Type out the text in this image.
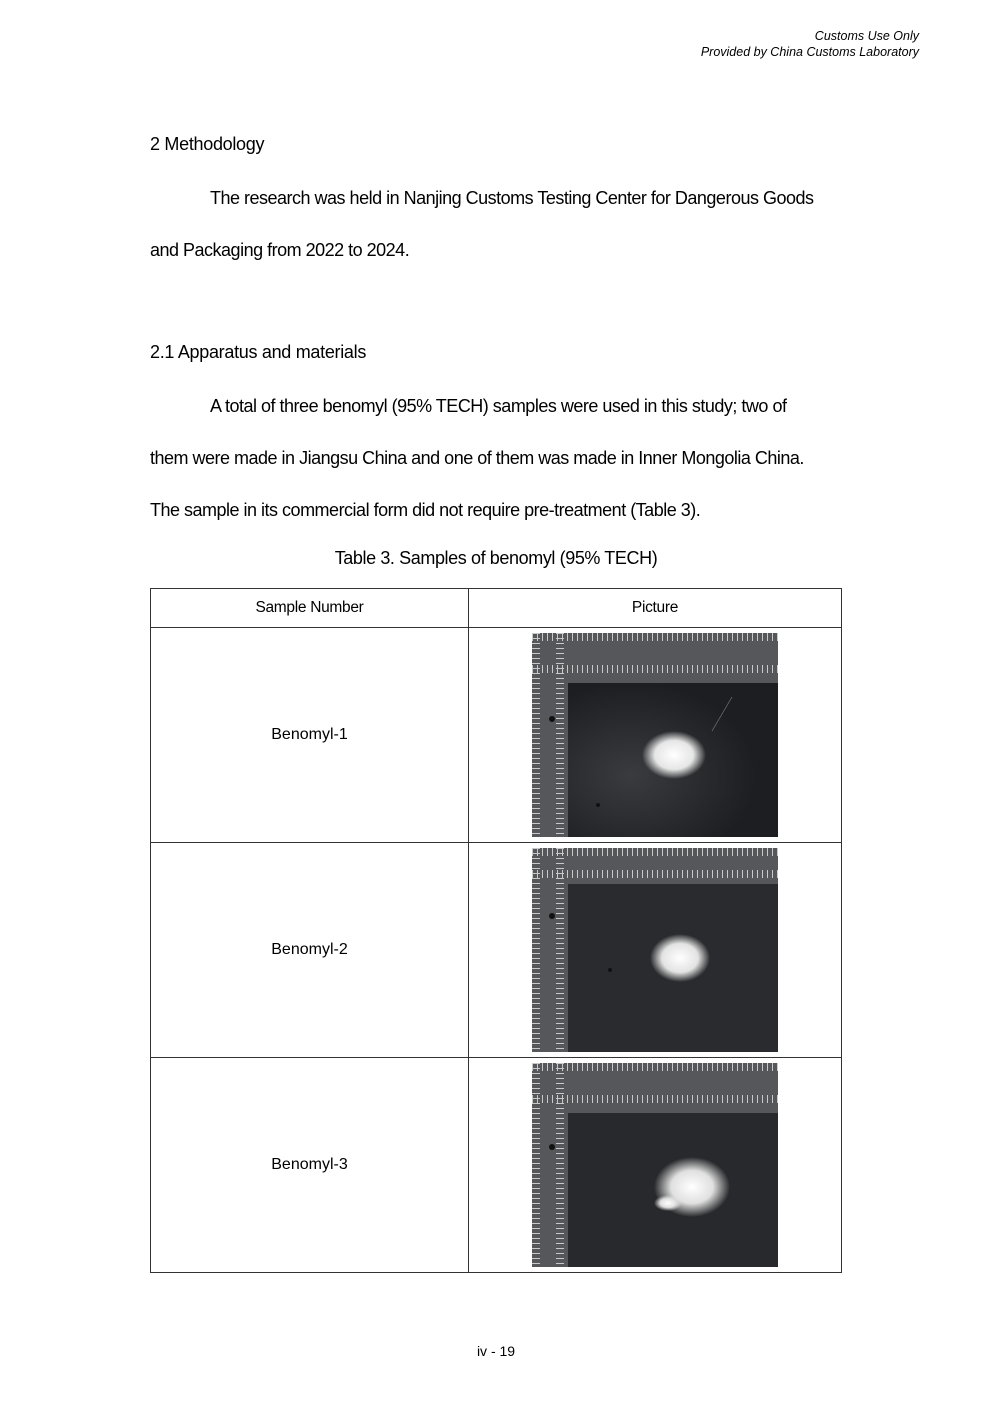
Customs Use Only
Provided by China Customs Laboratory
2 Methodology
The research was held in Nanjing Customs Testing Center for Dangerous Goods
and Packaging from 2022 to 2024.
2.1 Apparatus and materials
A total of three benomyl (95% TECH) samples were used in this study; two of
them were made in Jiangsu China and one of them was made in Inner Mongolia China.
The sample in its commercial form did not require pre-treatment (Table 3).
Table 3. Samples of benomyl (95% TECH)
Sample Number	Picture
Benomyl-1	

Benomyl-2	

Benomyl-3	
iv - 19
